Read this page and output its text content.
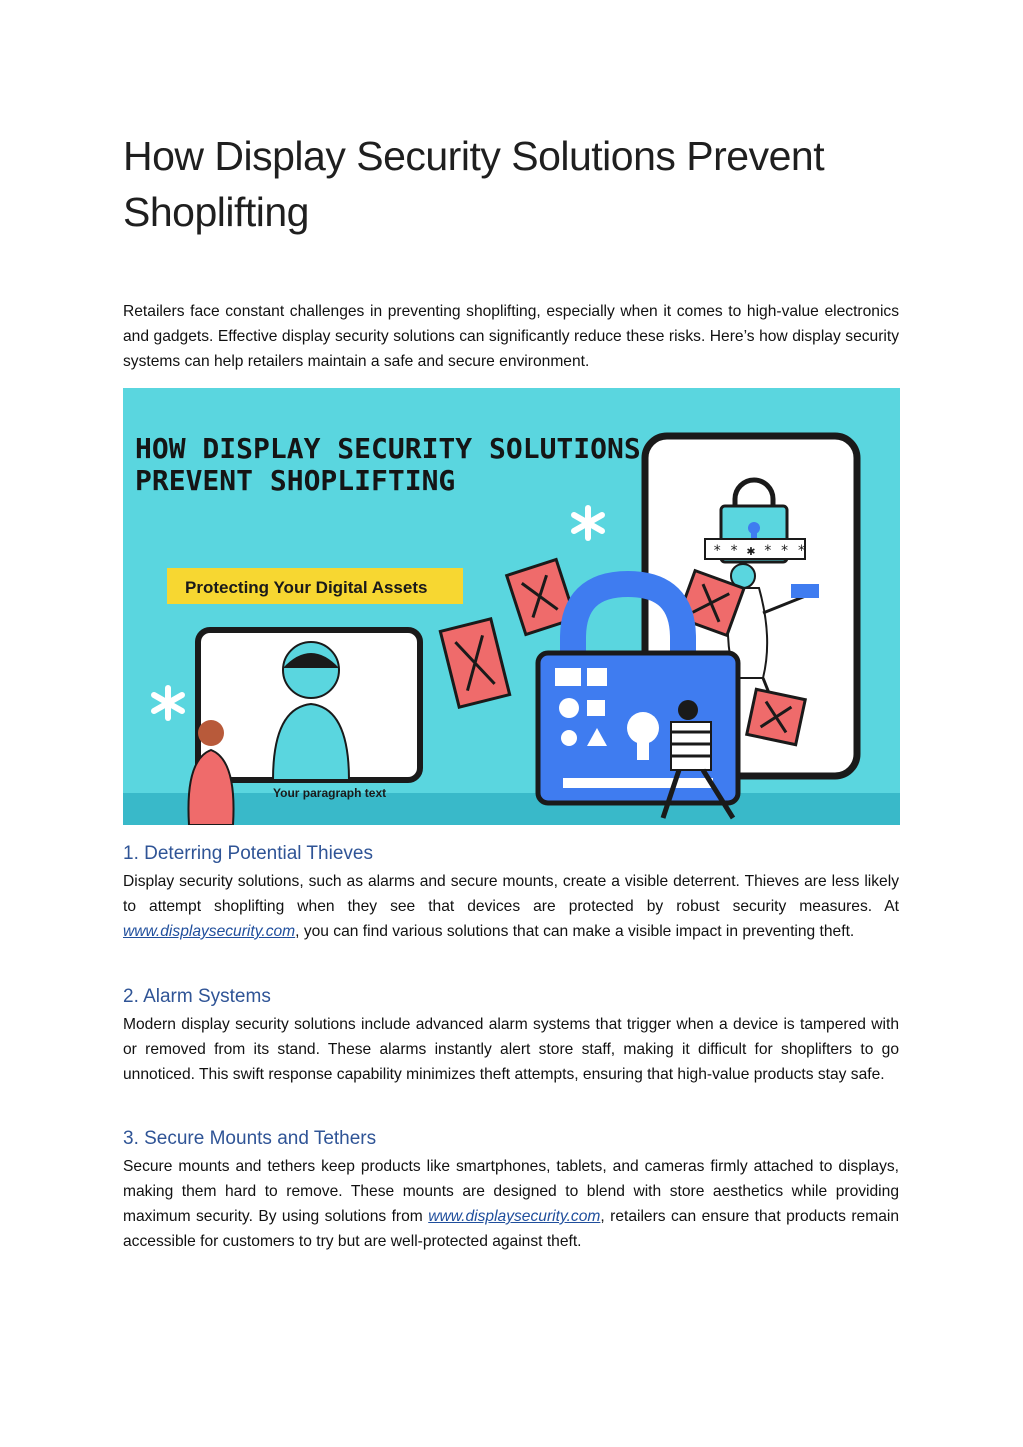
How Display Security Solutions Prevent Shoplifting

Retailers face constant challenges in preventing shoplifting, especially when it comes to high-value electronics and gadgets. Effective display security solutions can significantly reduce these risks. Here’s how display security systems can help retailers maintain a safe and secure environment.

HOW DISPLAY SECURITY SOLUTIONS
PREVENT SHOPLIFTING
* * ✱ * * *
Protecting Your Digital Assets
Your paragraph text
1. Deterring Potential Thieves

Display security solutions, such as alarms and secure mounts, create a visible deterrent. Thieves are less likely to attempt shoplifting when they see that devices are protected by robust security measures. At www.displaysecurity.com, you can find various solutions that can make a visible impact in preventing theft.

2. Alarm Systems

Modern display security solutions include advanced alarm systems that trigger when a device is tampered with or removed from its stand. These alarms instantly alert store staff, making it difficult for shoplifters to go unnoticed. This swift response capability minimizes theft attempts, ensuring that high-value products stay safe.

3. Secure Mounts and Tethers

Secure mounts and tethers keep products like smartphones, tablets, and cameras firmly attached to displays, making them hard to remove. These mounts are designed to blend with store aesthetics while providing maximum security. By using solutions from www.displaysecurity.com, retailers can ensure that products remain accessible for customers to try but are well-protected against theft.
